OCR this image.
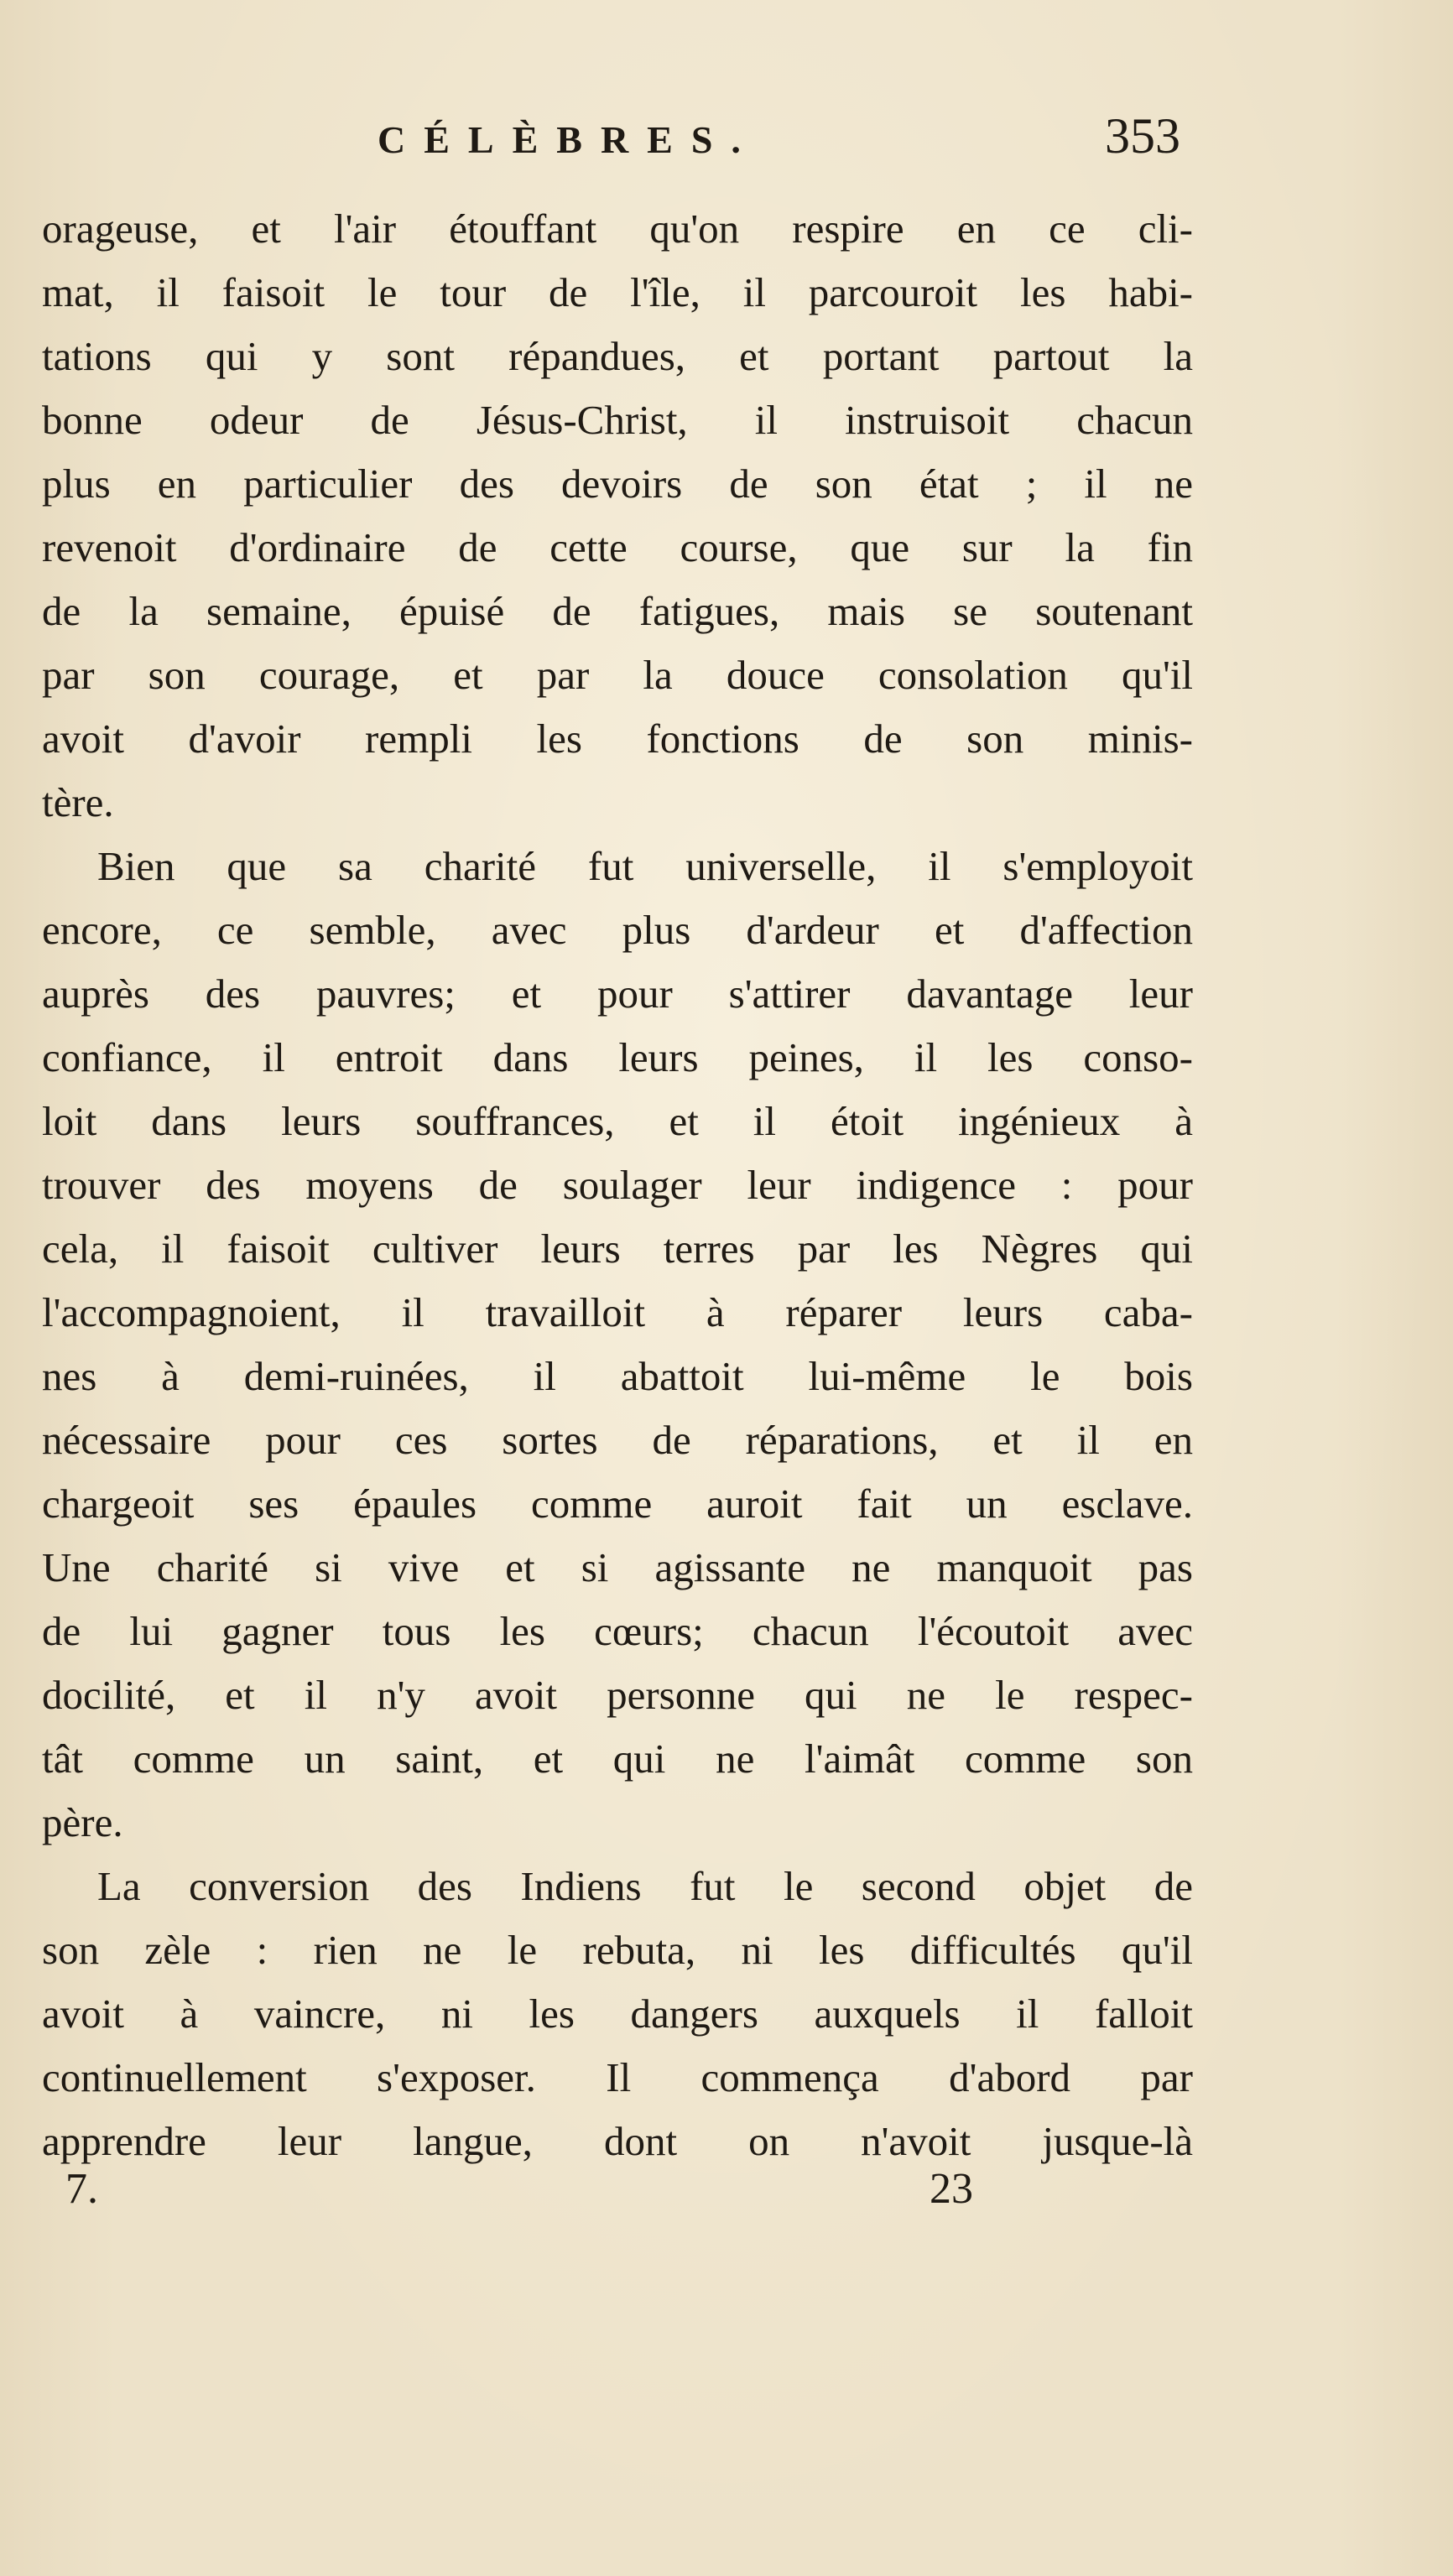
CÉLÈBRES.	353
orageuse, et l'air étouffant qu'on respire en ce cli-
mat, il faisoit le tour de l'île, il parcouroit les habi-
tations qui y sont répandues, et portant partout la
bonne odeur de Jésus-Christ, il instruisoit chacun
plus en particulier des devoirs de son état ; il ne
revenoit d'ordinaire de cette course, que sur la fin
de la semaine, épuisé de fatigues, mais se soutenant
par son courage, et par la douce consolation qu'il
avoit d'avoir rempli les fonctions de son minis-
tère.
Bien que sa charité fut universelle, il s'employoit
encore, ce semble, avec plus d'ardeur et d'affection
auprès des pauvres; et pour s'attirer davantage leur
confiance, il entroit dans leurs peines, il les conso-
loit dans leurs souffrances, et il étoit ingénieux à
trouver des moyens de soulager leur indigence : pour
cela, il faisoit cultiver leurs terres par les Nègres qui
l'accompagnoient, il travailloit à réparer leurs caba-
nes à demi-ruinées, il abattoit lui-même le bois
nécessaire pour ces sortes de réparations, et il en
chargeoit ses épaules comme auroit fait un esclave.
Une charité si vive et si agissante ne manquoit pas
de lui gagner tous les cœurs; chacun l'écoutoit avec
docilité, et il n'y avoit personne qui ne le respec-
tât comme un saint, et qui ne l'aimât comme son
père.
La conversion des Indiens fut le second objet de
son zèle : rien ne le rebuta, ni les difficultés qu'il
avoit à vaincre, ni les dangers auxquels il falloit
continuellement s'exposer. Il commença d'abord par
apprendre leur langue, dont on n'avoit jusque-là
7.	23
